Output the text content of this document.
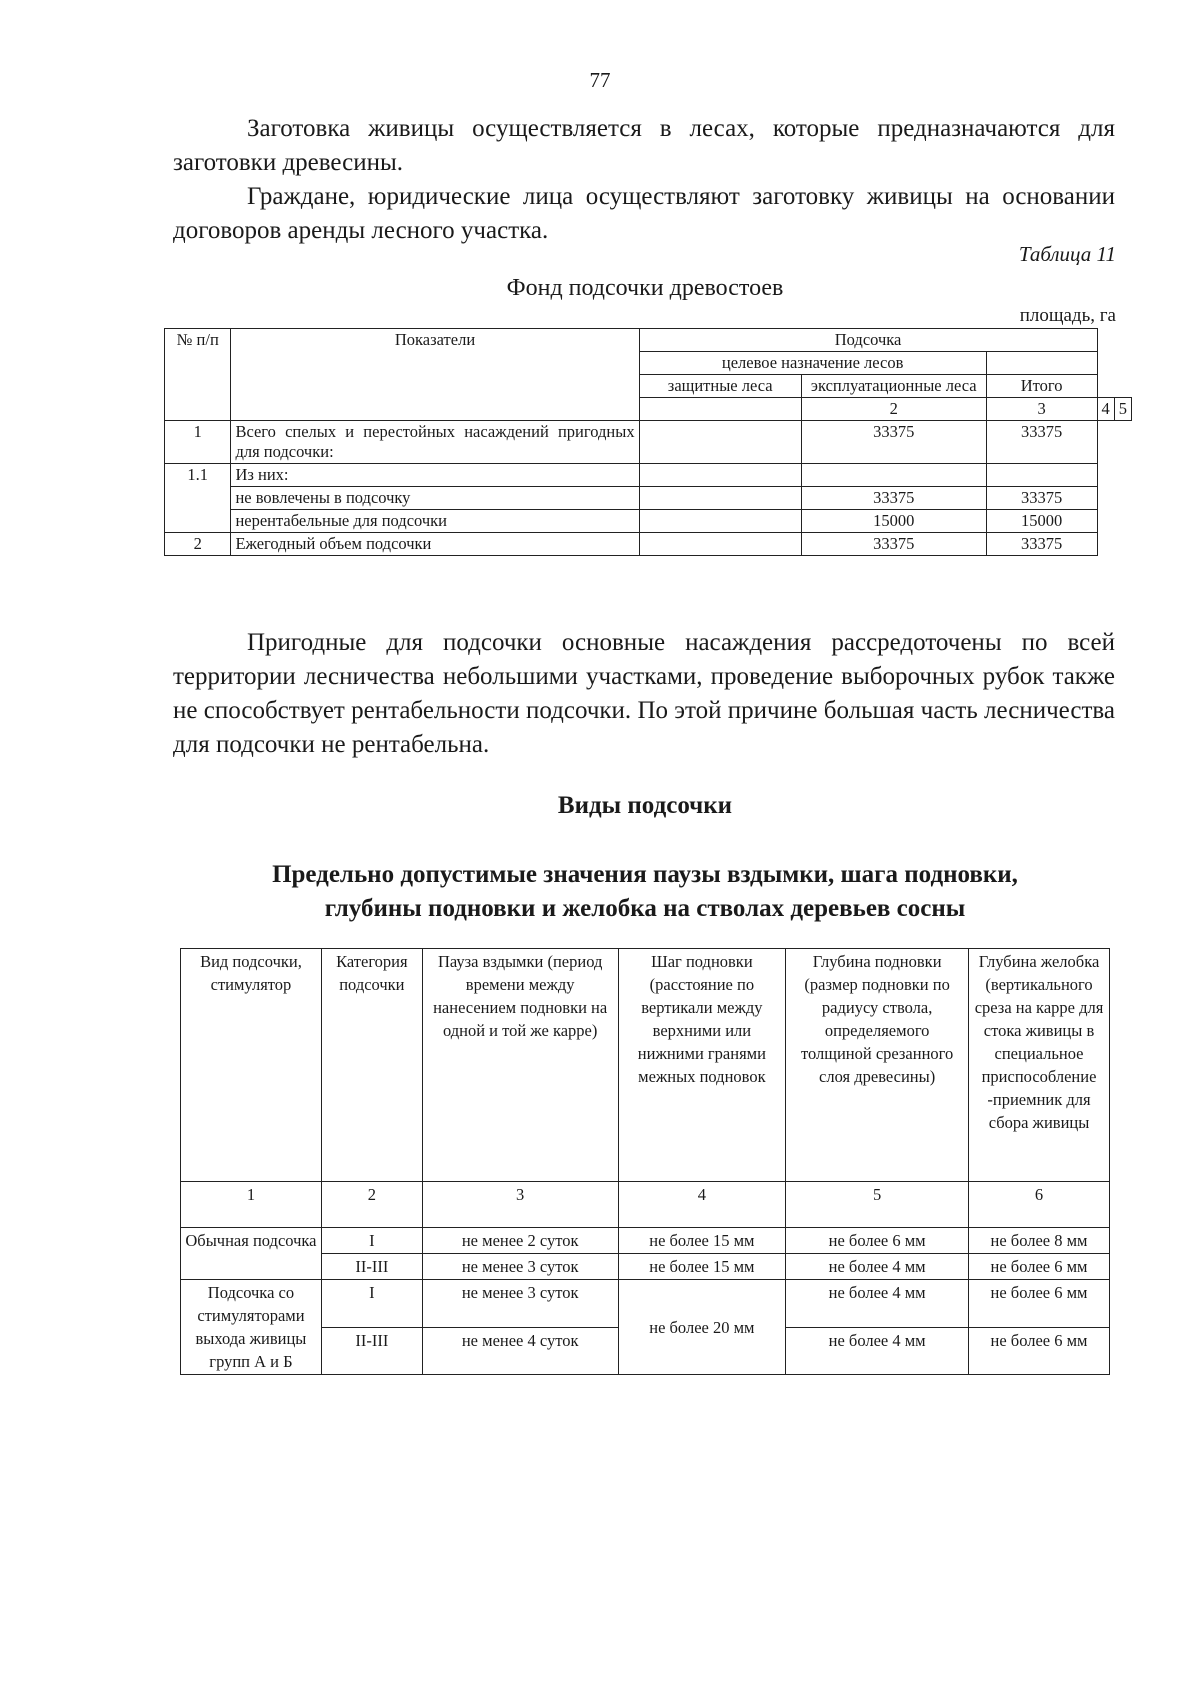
77

Заготовка живицы осуществляется в лесах, которые предназначаются для заготовки древесины.

Граждане, юридические лица осуществляют заготовку живицы на основании договоров аренды лесного участка.

Таблица 11
Фонд подсочки древостоев
площадь, га
№ п/п	Показатели	Подсочка				
		целевое назначение лесов				
		защитные леса	эксплуатационные леса	Итого		
			2	3	4	5
1	Всего спелых и перестойных насаждений пригодных для подсочки:		33375	33375		
1.1	Из них:					
	не вовлечены в подсочку		33375	33375		
	нерентабельные для подсочки		15000	15000		
2	Ежегодный объем подсочки		33375	33375		

Пригодные для подсочки основные насаждения рассредоточены по всей территории лесничества небольшими участками, проведение выборочных рубок также не способствует рентабельности подсочки. По этой причине большая часть лесничества для подсочки не рентабельна.

Виды подсочки
Предельно допустимые значения паузы вздымки, шага подновки,
глубины подновки и желобка на стволах деревьев сосны
Вид подсочки, стимулятор	Категория подсочки	Пауза вздымки (период времени между нанесением подновки на одной и той же карре)	Шаг подновки (расстояние по вертикали между верхними или нижними гранями межных подновок	Глубина подновки (размер подновки по радиусу ствола, определяемого толщиной срезанного слоя древесины)	Глубина желобка (вертикального среза на карре для стока живицы в специальное приспособление -приемник для сбора живицы
1	2	3	4	5	6
Обычная подсочка	I	не менее 2 суток	не более 15 мм	не более 6 мм	не более 8 мм
	II-III	не менее 3 суток	не более 15 мм	не более 4 мм	не более 6 мм
Подсочка со стимуляторами выхода живицы групп А и Б	I	не менее 3 суток	не более 20 мм	не более 4 мм	не более 6 мм
	II-III	не менее 4 суток		не более 4 мм	не более 6 мм
